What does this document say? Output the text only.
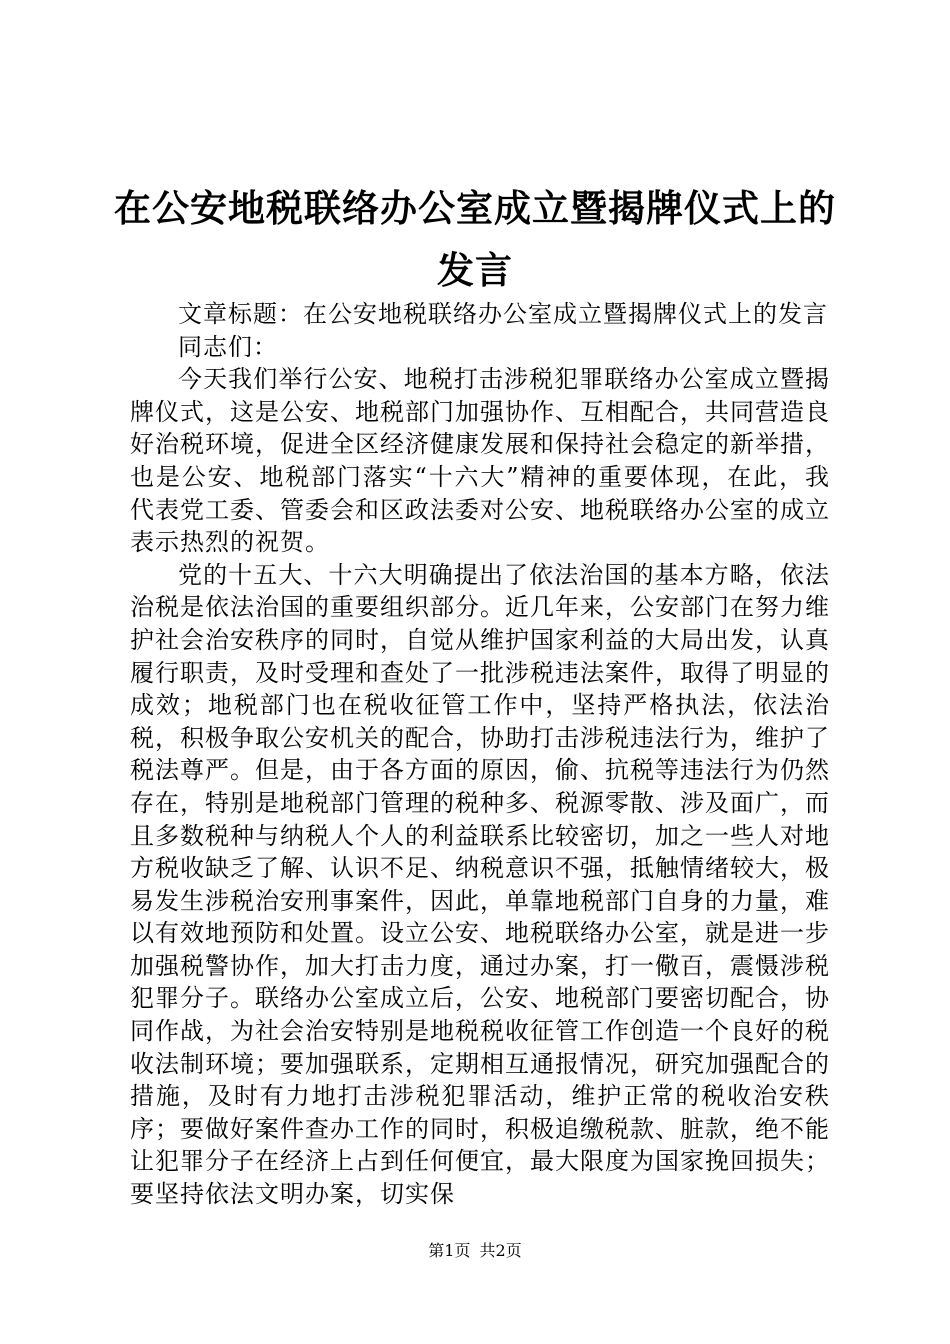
在公安地税联络办公室成立暨揭牌仪式上的发言

文章标题：在公安地税联络办公室成立暨揭牌仪式上的发言

同志们：

今天我们举行公安、地税打击涉税犯罪联络办公室成立暨揭牌仪式，这是公安、地税部门加强协作、互相配合，共同营造良好治税环境，促进全区经济健康发展和保持社会稳定的新举措，也是公安、地税部门落实“十六大”精神的重要体现，在此，我代表党工委、管委会和区政法委对公安、地税联络办公室的成立表示热烈的祝贺。

党的十五大、十六大明确提出了依法治国的基本方略，依法治税是依法治国的重要组织部分。近几年来，公安部门在努力维护社会治安秩序的同时，自觉从维护国家利益的大局出发，认真履行职责，及时受理和查处了一批涉税违法案件，取得了明显的成效；地税部门也在税收征管工作中，坚持严格执法，依法治税，积极争取公安机关的配合，协助打击涉税违法行为，维护了税法尊严。但是，由于各方面的原因，偷、抗税等违法行为仍然存在，特别是地税部门管理的税种多、税源零散、涉及面广，而且多数税种与纳税人个人的利益联系比较密切，加之一些人对地方税收缺乏了解、认识不足、纳税意识不强，抵触情绪较大，极易发生涉税治安刑事案件，因此，单靠地税部门自身的力量，难以有效地预防和处置。设立公安、地税联络办公室，就是进一步加强税警协作，加大打击力度，通过办案，打一儆百，震慑涉税犯罪分子。联络办公室成立后，公安、地税部门要密切配合，协同作战，为社会治安特别是地税税收征管工作创造一个良好的税收法制环境；要加强联系，定期相互通报情况，研究加强配合的措施，及时有力地打击涉税犯罪活动，维护正常的税收治安秩序；要做好案件查办工作的同时，积极追缴税款、脏款，绝不能让犯罪分子在经济上占到任何便宜，最大限度为国家挽回损失；要坚持依法文明办案，切实保

第1页 共2页
